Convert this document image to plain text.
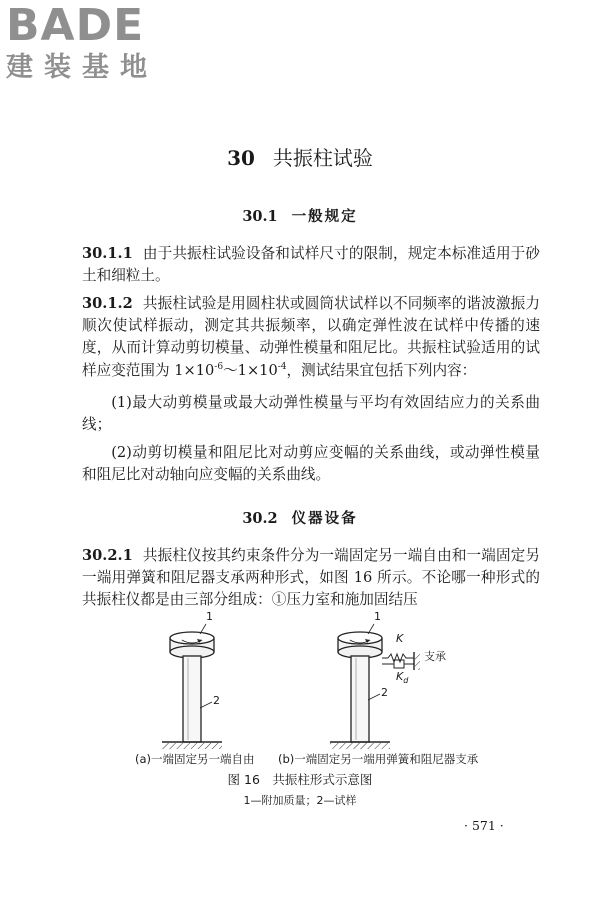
BADE
建装基地
30 共振柱试验
30.1 一般规定
30.1.1 由于共振柱试验设备和试样尺寸的限制，规定本标准适用于砂土和细粒土。
30.1.2 共振柱试验是用圆柱状或圆筒状试样以不同频率的谐波激振力顺次使试样振动，测定其共振频率，以确定弹性波在试样中传播的速度，从而计算动剪切模量、动弹性模量和阻尼比。共振柱试验适用的试样应变范围为 $1\times 10^{-6}\sim 1\times 10^{-4}$，测试结果宜包括下列内容：
(1)最大动剪模量或最大动弹性模量与平均有效固结应力的关系曲线；
(2)动剪切模量和阻尼比对动剪应变幅的关系曲线，或动弹性模量和阻尼比对动轴向应变幅的关系曲线。
30.2 仪器设备
30.2.1 共振柱仪按其约束条件分为一端固定另一端自由和一端固定另一端用弹簧和阻尼器支承两种形式，如图 16 所示。不论哪一种形式的共振柱仪都是由三部分组成：①压力室和施加固结压
1
2
1
2
K
$K_d$
支承
(a)一端固定另一端自由 (b)一端固定另一端用弹簧和阻尼器支承
图 16　共振柱形式示意图
1—附加质量；2—试样
· 571 ·
